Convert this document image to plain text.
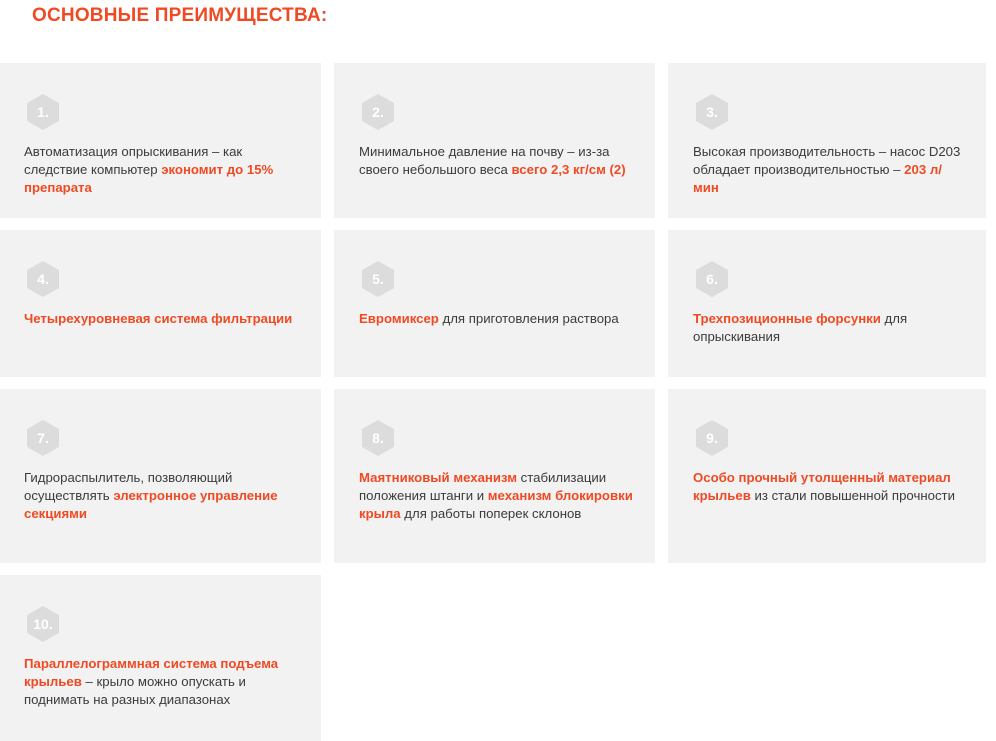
ОСНОВНЫЕ ПРЕИМУЩЕСТВА:
1.

Автоматизация опрыскивания – как следствие компьютер экономит до 15% препарата

2.

Минимальное давление на почву – из-за своего небольшого веса всего 2,3 кг/см (2)

3.

Высокая производительность – насос D203 обладает производительностью – 203 л/мин

4.

Четырехуровневая система фильтрации

5.

Евромиксер для приготовления раствора

6.

Трехпозиционные форсунки для опрыскивания

7.

Гидрораспылитель, позволяющий осуществлять электронное управление секциями

8.

Маятниковый механизм стабилизации положения штанги и механизм блокировки крыла для работы поперек склонов

9.

Особо прочный утолщенный материал крыльев из стали повышенной прочности

10.

Параллелограммная система подъема крыльев – крыло можно опускать и поднимать на разных диапазонах
